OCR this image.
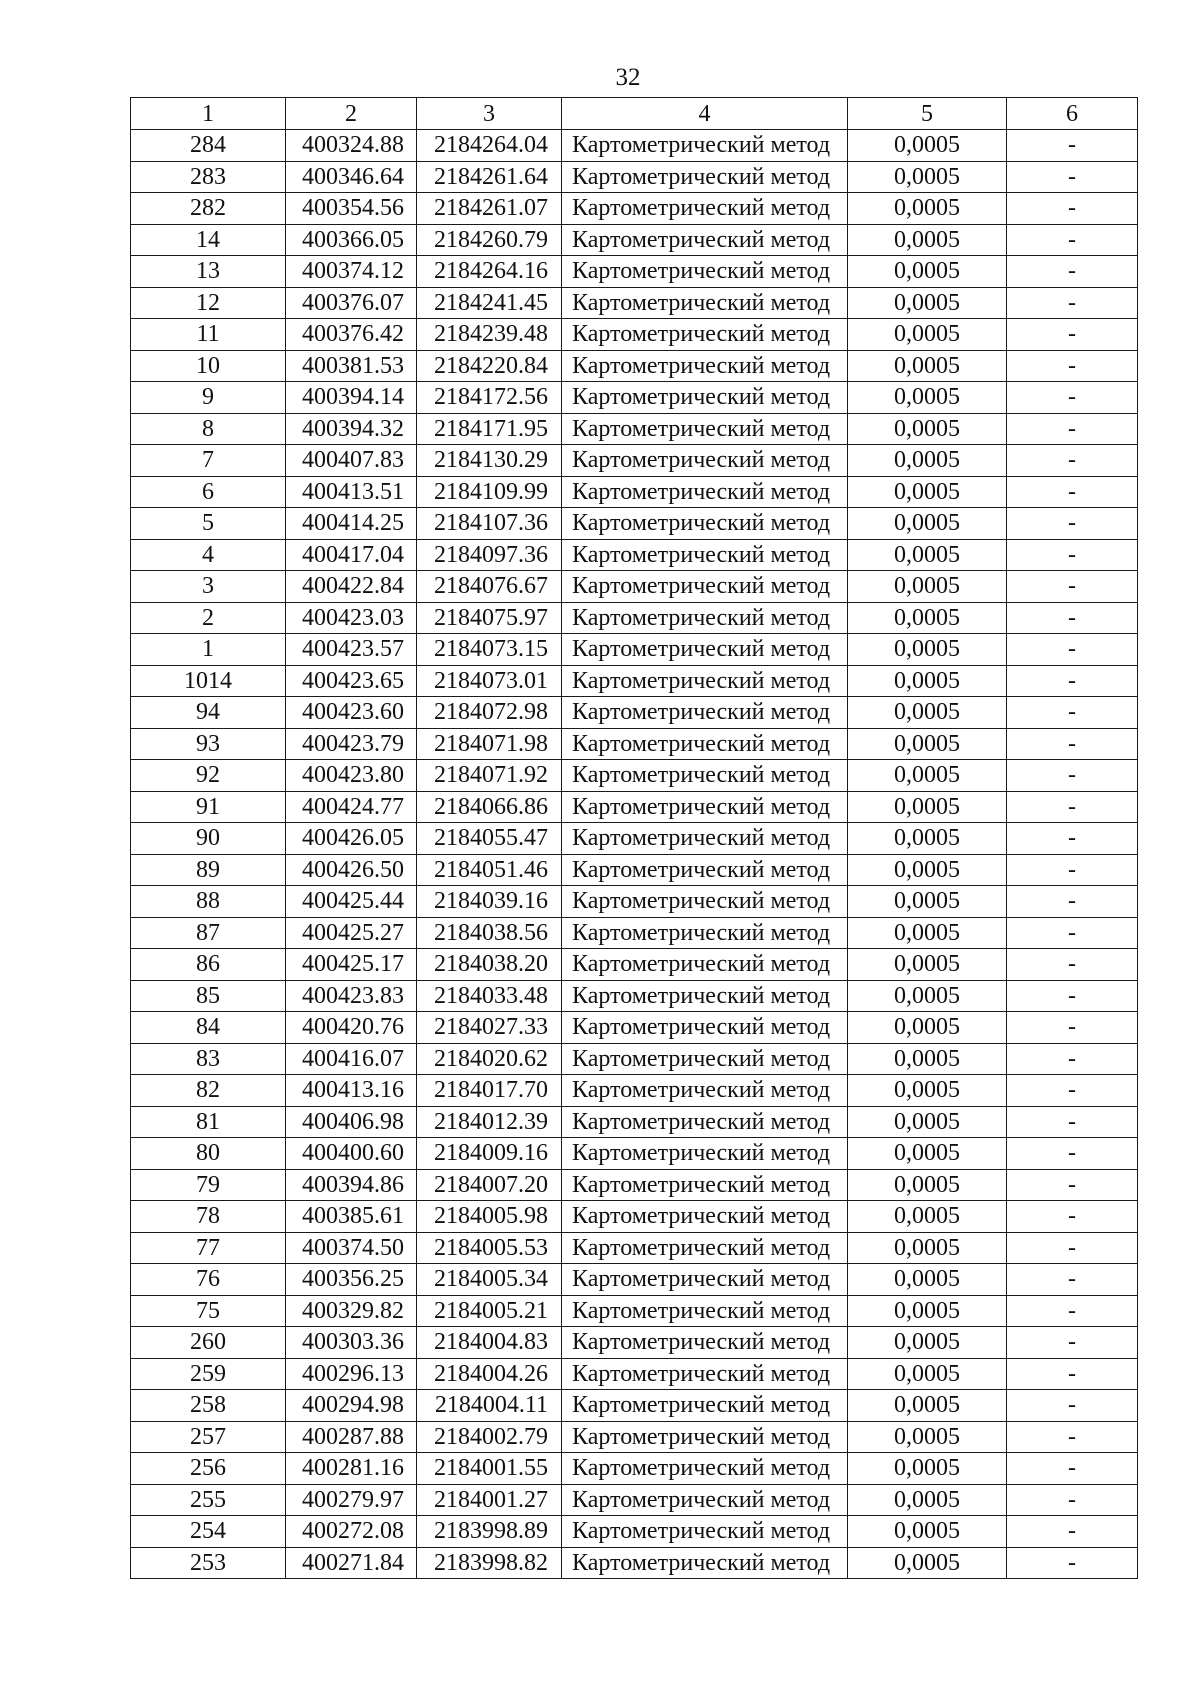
32
1	2	3	4	5	6
284	400324.88	2184264.04	Картометрический метод	0,0005	-
283	400346.64	2184261.64	Картометрический метод	0,0005	-
282	400354.56	2184261.07	Картометрический метод	0,0005	-
14	400366.05	2184260.79	Картометрический метод	0,0005	-
13	400374.12	2184264.16	Картометрический метод	0,0005	-
12	400376.07	2184241.45	Картометрический метод	0,0005	-
11	400376.42	2184239.48	Картометрический метод	0,0005	-
10	400381.53	2184220.84	Картометрический метод	0,0005	-
9	400394.14	2184172.56	Картометрический метод	0,0005	-
8	400394.32	2184171.95	Картометрический метод	0,0005	-
7	400407.83	2184130.29	Картометрический метод	0,0005	-
6	400413.51	2184109.99	Картометрический метод	0,0005	-
5	400414.25	2184107.36	Картометрический метод	0,0005	-
4	400417.04	2184097.36	Картометрический метод	0,0005	-
3	400422.84	2184076.67	Картометрический метод	0,0005	-
2	400423.03	2184075.97	Картометрический метод	0,0005	-
1	400423.57	2184073.15	Картометрический метод	0,0005	-
1014	400423.65	2184073.01	Картометрический метод	0,0005	-
94	400423.60	2184072.98	Картометрический метод	0,0005	-
93	400423.79	2184071.98	Картометрический метод	0,0005	-
92	400423.80	2184071.92	Картометрический метод	0,0005	-
91	400424.77	2184066.86	Картометрический метод	0,0005	-
90	400426.05	2184055.47	Картометрический метод	0,0005	-
89	400426.50	2184051.46	Картометрический метод	0,0005	-
88	400425.44	2184039.16	Картометрический метод	0,0005	-
87	400425.27	2184038.56	Картометрический метод	0,0005	-
86	400425.17	2184038.20	Картометрический метод	0,0005	-
85	400423.83	2184033.48	Картометрический метод	0,0005	-
84	400420.76	2184027.33	Картометрический метод	0,0005	-
83	400416.07	2184020.62	Картометрический метод	0,0005	-
82	400413.16	2184017.70	Картометрический метод	0,0005	-
81	400406.98	2184012.39	Картометрический метод	0,0005	-
80	400400.60	2184009.16	Картометрический метод	0,0005	-
79	400394.86	2184007.20	Картометрический метод	0,0005	-
78	400385.61	2184005.98	Картометрический метод	0,0005	-
77	400374.50	2184005.53	Картометрический метод	0,0005	-
76	400356.25	2184005.34	Картометрический метод	0,0005	-
75	400329.82	2184005.21	Картометрический метод	0,0005	-
260	400303.36	2184004.83	Картометрический метод	0,0005	-
259	400296.13	2184004.26	Картометрический метод	0,0005	-
258	400294.98	2184004.11	Картометрический метод	0,0005	-
257	400287.88	2184002.79	Картометрический метод	0,0005	-
256	400281.16	2184001.55	Картометрический метод	0,0005	-
255	400279.97	2184001.27	Картометрический метод	0,0005	-
254	400272.08	2183998.89	Картометрический метод	0,0005	-
253	400271.84	2183998.82	Картометрический метод	0,0005	-
